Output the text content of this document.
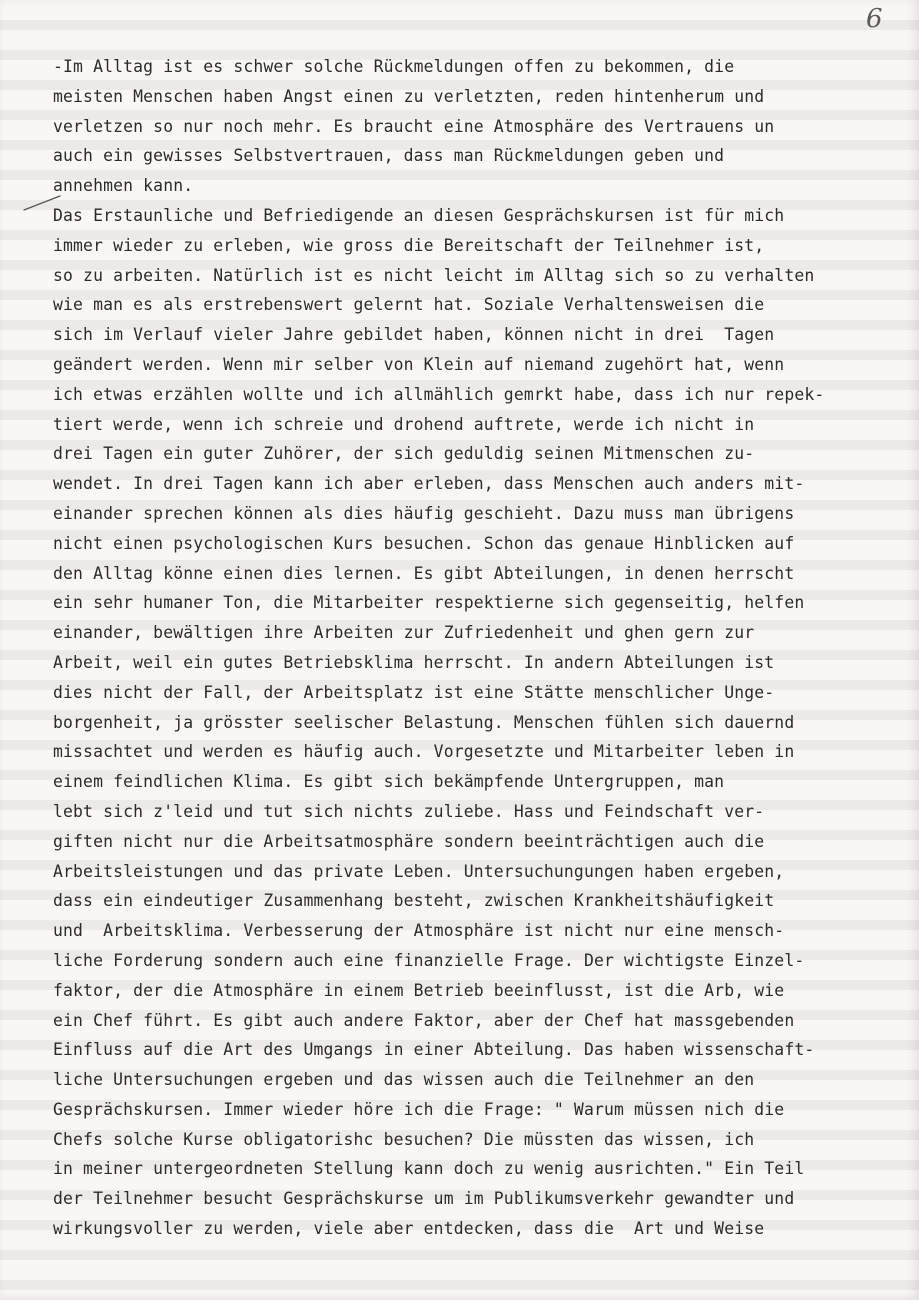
6
-Im Alltag ist es schwer solche Rückmeldungen offen zu bekommen, die
meisten Menschen haben Angst einen zu verletzten, reden hintenherum und
verletzen so nur noch mehr. Es braucht eine Atmosphäre des Vertrauens un
auch ein gewisses Selbstvertrauen, dass man Rückmeldungen geben und
annehmen kann.
Das Erstaunliche und Befriedigende an diesen Gesprächskursen ist für mich
immer wieder zu erleben, wie gross die Bereitschaft der Teilnehmer ist,
so zu arbeiten. Natürlich ist es nicht leicht im Alltag sich so zu verhalten
wie man es als erstrebenswert gelernt hat. Soziale Verhaltensweisen die
sich im Verlauf vieler Jahre gebildet haben, können nicht in drei  Tagen
geändert werden. Wenn mir selber von Klein auf niemand zugehört hat, wenn
ich etwas erzählen wollte und ich allmählich gemrkt habe, dass ich nur repek-
tiert werde, wenn ich schreie und drohend auftrete, werde ich nicht in
drei Tagen ein guter Zuhörer, der sich geduldig seinen Mitmenschen zu-
wendet. In drei Tagen kann ich aber erleben, dass Menschen auch anders mit-
einander sprechen können als dies häufig geschieht. Dazu muss man übrigens
nicht einen psychologischen Kurs besuchen. Schon das genaue Hinblicken auf
den Alltag könne einen dies lernen. Es gibt Abteilungen, in denen herrscht
ein sehr humaner Ton, die Mitarbeiter respektierne sich gegenseitig, helfen
einander, bewältigen ihre Arbeiten zur Zufriedenheit und ghen gern zur
Arbeit, weil ein gutes Betriebsklima herrscht. In andern Abteilungen ist
dies nicht der Fall, der Arbeitsplatz ist eine Stätte menschlicher Unge-
borgenheit, ja grösster seelischer Belastung. Menschen fühlen sich dauernd
missachtet und werden es häufig auch. Vorgesetzte und Mitarbeiter leben in
einem feindlichen Klima. Es gibt sich bekämpfende Untergruppen, man
lebt sich z'leid und tut sich nichts zuliebe. Hass und Feindschaft ver-
giften nicht nur die Arbeitsatmosphäre sondern beeinträchtigen auch die
Arbeitsleistungen und das private Leben. Untersuchungungen haben ergeben,
dass ein eindeutiger Zusammenhang besteht, zwischen Krankheitshäufigkeit
und  Arbeitsklima. Verbesserung der Atmosphäre ist nicht nur eine mensch-
liche Forderung sondern auch eine finanzielle Frage. Der wichtigste Einzel-
faktor, der die Atmosphäre in einem Betrieb beeinflusst, ist die Arb, wie
ein Chef führt. Es gibt auch andere Faktor, aber der Chef hat massgebenden
Einfluss auf die Art des Umgangs in einer Abteilung. Das haben wissenschaft-
liche Untersuchungen ergeben und das wissen auch die Teilnehmer an den
Gesprächskursen. Immer wieder höre ich die Frage: " Warum müssen nich die
Chefs solche Kurse obligatorishc besuchen? Die müssten das wissen, ich
in meiner untergeordneten Stellung kann doch zu wenig ausrichten." Ein Teil
der Teilnehmer besucht Gesprächskurse um im Publikumsverkehr gewandter und
wirkungsvoller zu werden, viele aber entdecken, dass die  Art und Weise
